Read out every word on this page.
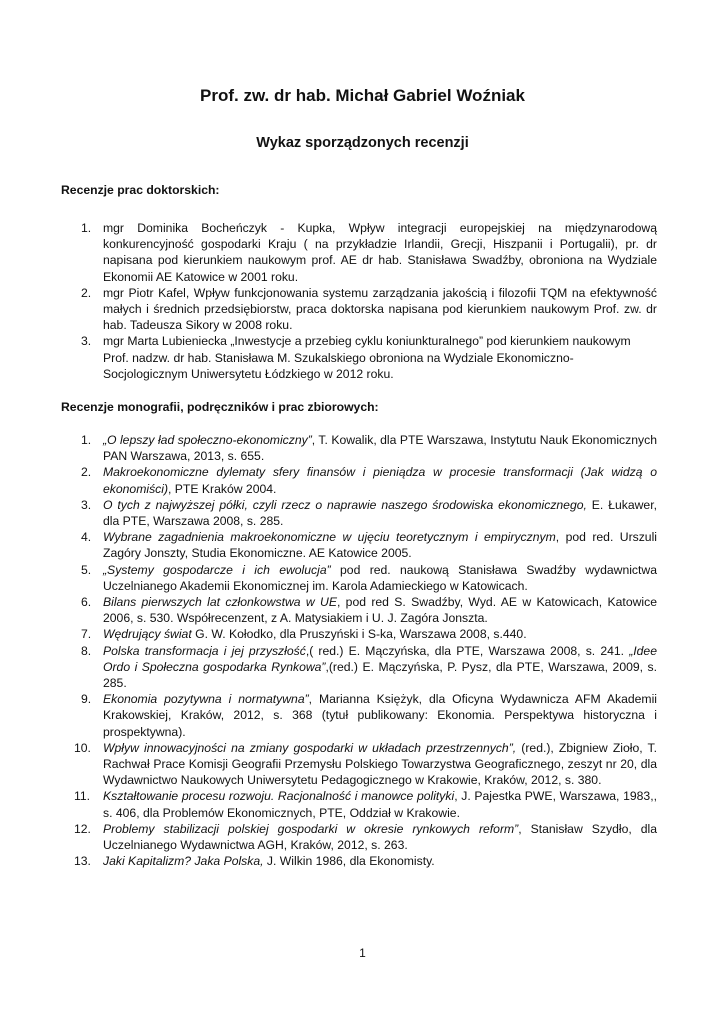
Prof. zw. dr hab. Michał Gabriel Woźniak
Wykaz sporządzonych recenzji

Recenzje prac doktorskich:

1. mgr Dominika Bocheńczyk - Kupka, Wpływ integracji europejskiej na międzynarodową konkurencyjność gospodarki Kraju ( na przykładzie Irlandii, Grecji, Hiszpanii i Portugalii), pr. dr napisana pod kierunkiem naukowym prof. AE dr hab. Stanisława Swadźby, obroniona na Wydziale Ekonomii AE Katowice w 2001 roku.
2. mgr Piotr Kafel, Wpływ funkcjonowania systemu zarządzania jakością i filozofii TQM na efektywność małych i średnich przedsiębiorstw, praca doktorska napisana pod kierunkiem naukowym Prof. zw. dr hab. Tadeusza Sikory w 2008 roku.
3. mgr Marta Lubieniecka „Inwestycje a przebieg cyklu koniunkturalnego” pod kierunkiem naukowym Prof. nadzw. dr hab. Stanisława M. Szukalskiego obroniona na Wydziale Ekonomiczno-Socjologicznym Uniwersytetu Łódzkiego w 2012 roku.

Recenzje monografii, podręczników i prac zbiorowych:

1. „O lepszy ład społeczno-ekonomiczny”, T. Kowalik, dla PTE Warszawa, Instytutu Nauk Ekonomicznych PAN Warszawa, 2013, s. 655.
2. Makroekonomiczne dylematy sfery finansów i pieniądza w procesie transformacji (Jak widzą o ekonomiści), PTE Kraków 2004.
3. O tych z najwyższej półki, czyli rzecz o naprawie naszego środowiska ekonomicznego, E. Łukawer, dla PTE, Warszawa 2008, s. 285.
4. Wybrane zagadnienia makroekonomiczne w ujęciu teoretycznym i empirycznym, pod red. Urszuli Zagóry Jonszty, Studia Ekonomiczne. AE Katowice 2005.
5. „Systemy gospodarcze i ich ewolucja” pod red. naukową Stanisława Swadźby wydawnictwa Uczelnianego Akademii Ekonomicznej im. Karola Adamieckiego w Katowicach.
6. Bilans pierwszych lat członkowstwa w UE, pod red S. Swadźby, Wyd. AE w Katowicach, Katowice 2006, s. 530. Współrecenzent, z A. Matysiakiem i U. J. Zagóra Jonszta.
7. Wędrujący świat G. W. Kołodko, dla Pruszyński i S-ka, Warszawa 2008, s.440.
8. Polska transformacja i jej przyszłość,( red.) E. Mączyńska, dla PTE, Warszawa 2008, s. 241. „Idee Ordo i Społeczna gospodarka Rynkowa”,(red.) E. Mączyńska, P. Pysz, dla PTE, Warszawa, 2009, s. 285.
9. Ekonomia pozytywna i normatywna”, Marianna Księżyk, dla Oficyna Wydawnicza AFM Akademii Krakowskiej, Kraków, 2012, s. 368 (tytuł publikowany: Ekonomia. Perspektywa historyczna i prospektywna).
10. Wpływ innowacyjności na zmiany gospodarki w układach przestrzennych”, (red.), Zbigniew Zioło, T. Rachwał Prace Komisji Geografii Przemysłu Polskiego Towarzystwa Geograficznego, zeszyt nr 20, dla Wydawnictwo Naukowych Uniwersytetu Pedagogicznego w Krakowie, Kraków, 2012, s. 380.
11. Kształtowanie procesu rozwoju. Racjonalność i manowce polityki, J. Pajestka PWE, Warszawa, 1983,, s. 406, dla Problemów Ekonomicznych, PTE, Oddział w Krakowie.
12. Problemy stabilizacji polskiej gospodarki w okresie rynkowych reform”, Stanisław Szydło, dla Uczelnianego Wydawnictwa AGH, Kraków, 2012, s. 263.
13. Jaki Kapitalizm? Jaka Polska, J. Wilkin 1986, dla Ekonomisty.
1
